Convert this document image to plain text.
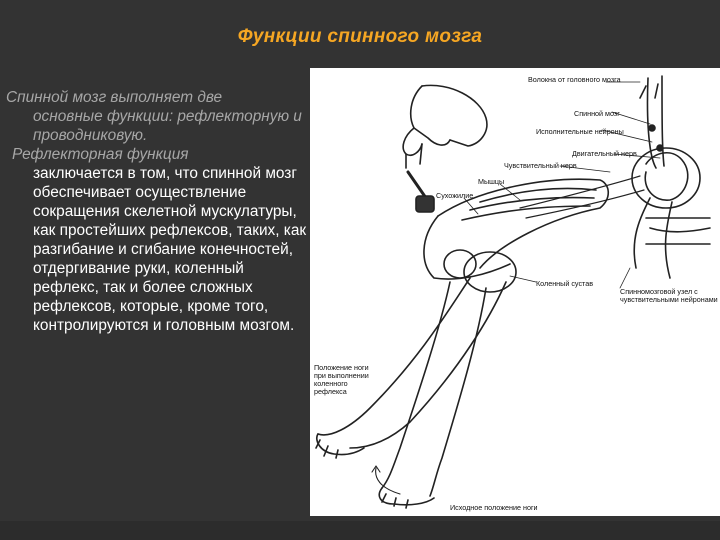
Функции спинного мозга
Спинной мозг выполняет две
основные функции: рефлекторную и проводниковую.
Рефлекторная функция
заключается в том, что спинной мозг обеспечивает осуществление сокращения скелетной мускулатуры, как простейших рефлексов, таких, как разгибание и сгибание конечностей, отдергивание руки, коленный рефлекс, так и более сложных рефлексов, которые, кроме того, контролируются и головным мозгом.
Волокна от головного мозга
Спинной мозг
Исполнительные нейроны
Двигательный нерв
Чувствительный нерв
Мышцы
Сухожилие
Коленный сустав
Спинномозговой узел с чувствительными нейронами
Положение ноги при выполнении коленного рефлекса
Исходное положение ноги
